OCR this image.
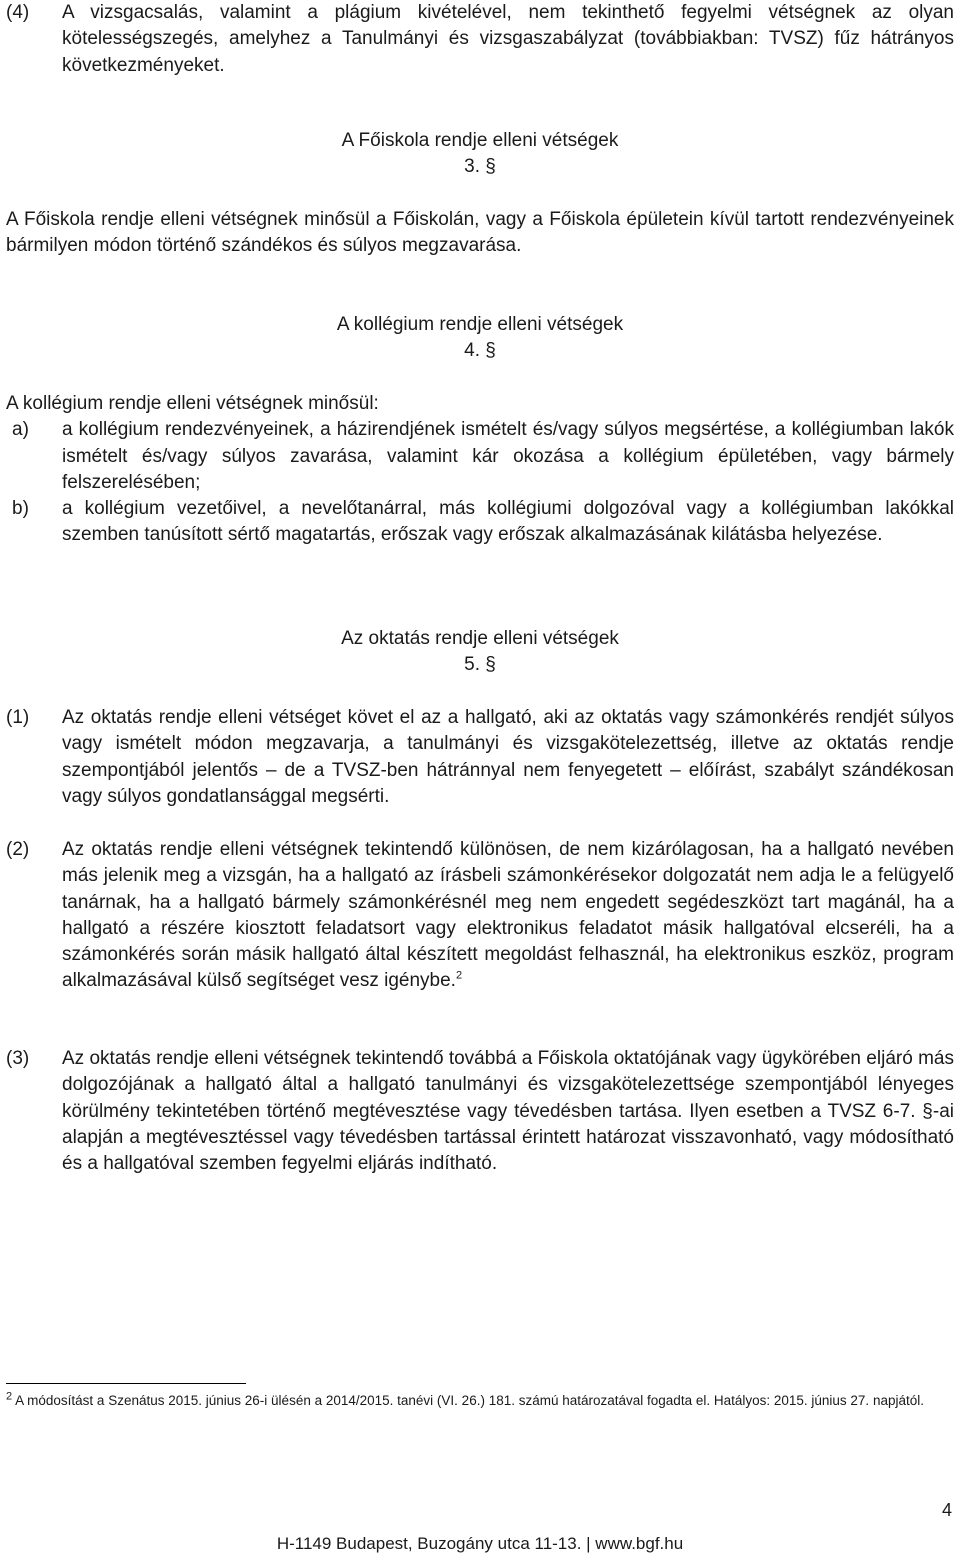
(4)	A vizsgacsalás, valamint a plágium kivételével, nem tekinthető fegyelmi vétségnek az olyan kötelességszegés, amelyhez a Tanulmányi és vizsgaszabályzat (továbbiakban: TVSZ) fűz hátrányos következményeket.
A Főiskola rendje elleni vétségek
3. §
A Főiskola rendje elleni vétségnek minősül a Főiskolán, vagy a Főiskola épületein kívül tartott rendezvényeinek bármilyen módon történő szándékos és súlyos megzavarása.
A kollégium rendje elleni vétségek
4. §
A kollégium rendje elleni vétségnek minősül:
a)	a kollégium rendezvényeinek, a házirendjének ismételt és/vagy súlyos megsértése, a kollégiumban lakók ismételt és/vagy súlyos zavarása, valamint kár okozása a kollégium épületében, vagy bármely felszerelésében;
b)	a kollégium vezetőivel, a nevelőtanárral, más kollégiumi dolgozóval vagy a kollégiumban lakókkal szemben tanúsított sértő magatartás, erőszak vagy erőszak alkalmazásának kilátásba helyezése.
Az oktatás rendje elleni vétségek
5. §
(1)	Az oktatás rendje elleni vétséget követ el az a hallgató, aki az oktatás vagy számonkérés rendjét súlyos vagy ismételt módon megzavarja, a tanulmányi és vizsgakötelezettség, illetve az oktatás rendje szempontjából jelentős – de a TVSZ-ben hátránnyal nem fenyegetett – előírást, szabályt szándékosan vagy súlyos gondatlansággal megsérti.
(2)	Az oktatás rendje elleni vétségnek tekintendő különösen, de nem kizárólagosan, ha a hallgató nevében más jelenik meg a vizsgán, ha a hallgató az írásbeli számonkérésekor dolgozatát nem adja le a felügyelő tanárnak, ha a hallgató bármely számonkérésnél meg nem engedett segédeszközt tart magánál, ha a hallgató a részére kiosztott feladatsort vagy elektronikus feladatot másik hallgatóval elcseréli, ha a számonkérés során másik hallgató által készített megoldást felhasznál, ha elektronikus eszköz, program alkalmazásával külső segítséget vesz igénybe.$^2$
(3)	Az oktatás rendje elleni vétségnek tekintendő továbbá a Főiskola oktatójának vagy ügykörében eljáró más dolgozójának a hallgató által a hallgató tanulmányi és vizsgakötelezettsége szempontjából lényeges körülmény tekintetében történő megtévesztése vagy tévedésben tartása. Ilyen esetben a TVSZ 6-7. §-ai alapján a megtévesztéssel vagy tévedésben tartással érintett határozat visszavonható, vagy módosítható és a hallgatóval szemben fegyelmi eljárás indítható.
$^2$ A módosítást a Szenátus 2015. június 26-i ülésén a 2014/2015. tanévi (VI. 26.) 181. számú határozatával fogadta el. Hatályos: 2015. június 27. napjától.
4
H-1149 Budapest, Buzogány utca 11-13. | www.bgf.hu
